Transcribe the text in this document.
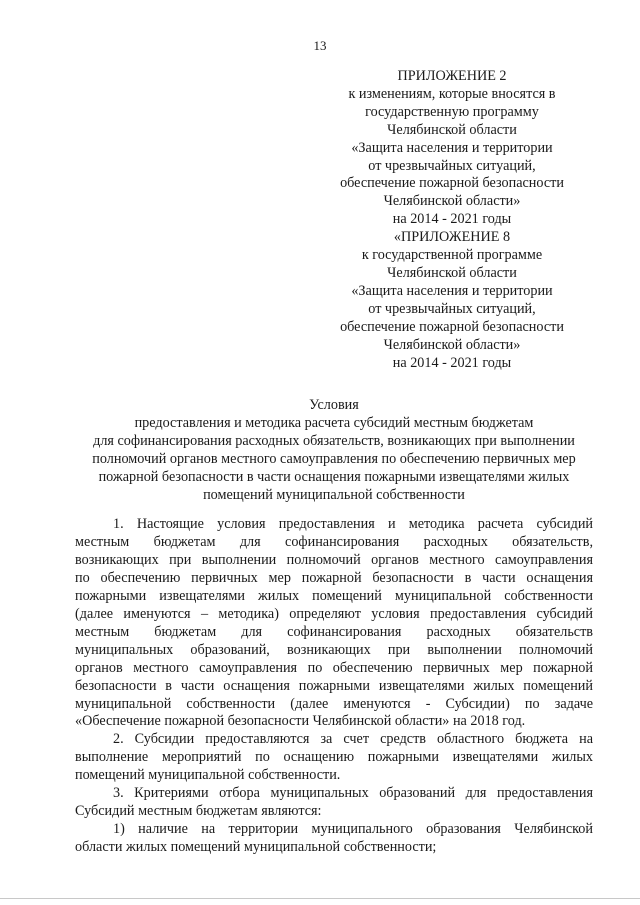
13
ПРИЛОЖЕНИЕ 2
к изменениям, которые вносятся в
государственную программу
Челябинской области
«Защита населения и территории
от чрезвычайных ситуаций,
обеспечение пожарной безопасности
Челябинской области»
на 2014 - 2021 годы
«ПРИЛОЖЕНИЕ 8
к государственной программе
Челябинской области
«Защита населения и территории
от чрезвычайных ситуаций,
обеспечение пожарной безопасности
Челябинской области»
на 2014 - 2021 годы
Условия
предоставления и методика расчета субсидий местным бюджетам
для софинансирования расходных обязательств, возникающих при выполнении
полномочий органов местного самоуправления по обеспечению первичных мер
пожарной безопасности в части оснащения пожарными извещателями жилых
помещений муниципальной собственности
1. Настоящие условия предоставления и методика расчета субсидий
местным бюджетам для софинансирования расходных обязательств,
возникающих при выполнении полномочий органов местного самоуправления
по обеспечению первичных мер пожарной безопасности в части оснащения
пожарными извещателями жилых помещений муниципальной собственности
(далее именуются – методика) определяют условия предоставления субсидий
местным бюджетам для софинансирования расходных обязательств
муниципальных образований, возникающих при выполнении полномочий
органов местного самоуправления по обеспечению первичных мер пожарной
безопасности в части оснащения пожарными извещателями жилых помещений
муниципальной собственности (далее именуются - Субсидии) по задаче
«Обеспечение пожарной безопасности Челябинской области» на 2018 год.
2. Субсидии предоставляются за счет средств областного бюджета на
выполнение мероприятий по оснащению пожарными извещателями жилых
помещений муниципальной собственности.
3. Критериями отбора муниципальных образований для предоставления
Субсидий местным бюджетам являются:
1) наличие на территории муниципального образования Челябинской
области жилых помещений муниципальной собственности;
